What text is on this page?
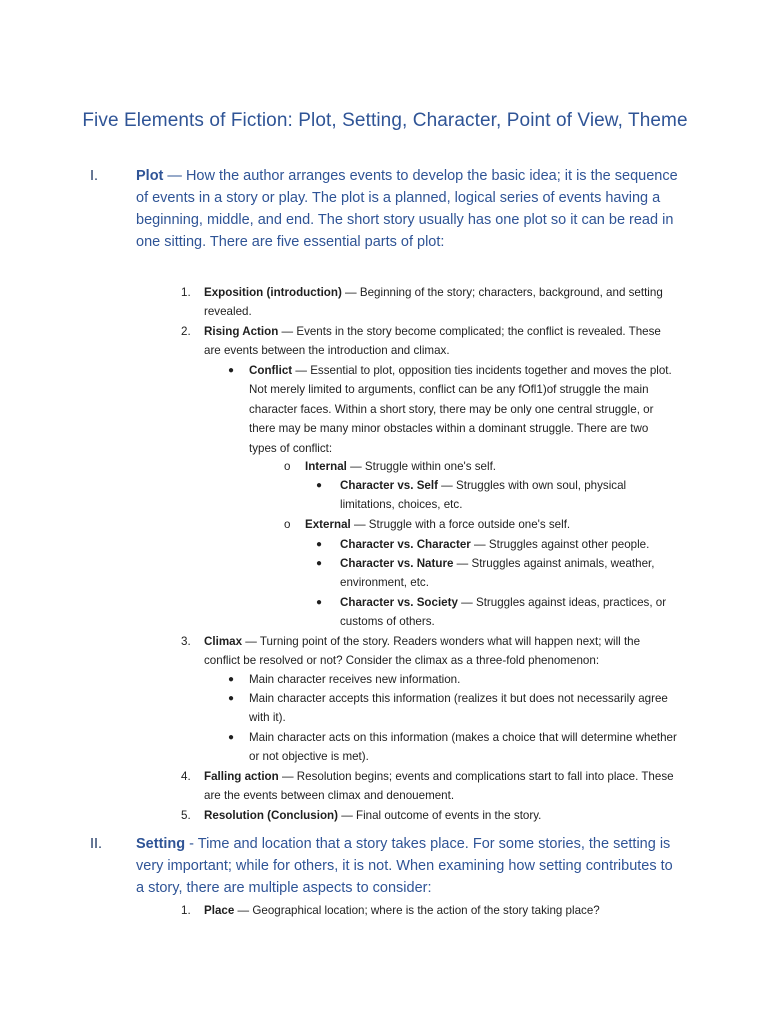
Five Elements of Fiction: Plot, Setting, Character, Point of View, Theme
I.	Plot — How the author arranges events to develop the basic idea; it is the sequence of events in a story or play. The plot is a planned, logical series of events having a beginning, middle, and end. The short story usually has one plot so it can be read in one sitting. There are five essential parts of plot:
1. Exposition (introduction) — Beginning of the story; characters, background, and setting revealed.
2. Rising Action — Events in the story become complicated; the conflict is revealed. These are events between the introduction and climax.
● Conflict — Essential to plot, opposition ties incidents together and moves the plot. Not merely limited to arguments, conflict can be any fOfl1)of struggle the main character faces. Within a short story, there may be only one central struggle, or there may be many minor obstacles within a dominant struggle. There are two types of conflict:
o Internal — Struggle within one's self.
● Character vs. Self — Struggles with own soul, physical limitations, choices, etc.
o External — Struggle with a force outside one's self.
● Character vs. Character — Struggles against other people.
● Character vs. Nature — Struggles against animals, weather, environment, etc.
● Character vs. Society — Struggles against ideas, practices, or customs of others.
3. Climax — Turning point of the story. Readers wonders what will happen next; will the conflict be resolved or not? Consider the climax as a three-fold phenomenon:
● Main character receives new information.
● Main character accepts this information (realizes it but does not necessarily agree with it).
● Main character acts on this information (makes a choice that will determine whether or not objective is met).
4. Falling action — Resolution begins; events and complications start to fall into place. These are the events between climax and denouement.
5. Resolution (Conclusion) — Final outcome of events in the story.
II. Setting - Time and location that a story takes place. For some stories, the setting is very important; while for others, it is not. When examining how setting contributes to a story, there are multiple aspects to consider:
1. Place — Geographical location; where is the action of the story taking place?
